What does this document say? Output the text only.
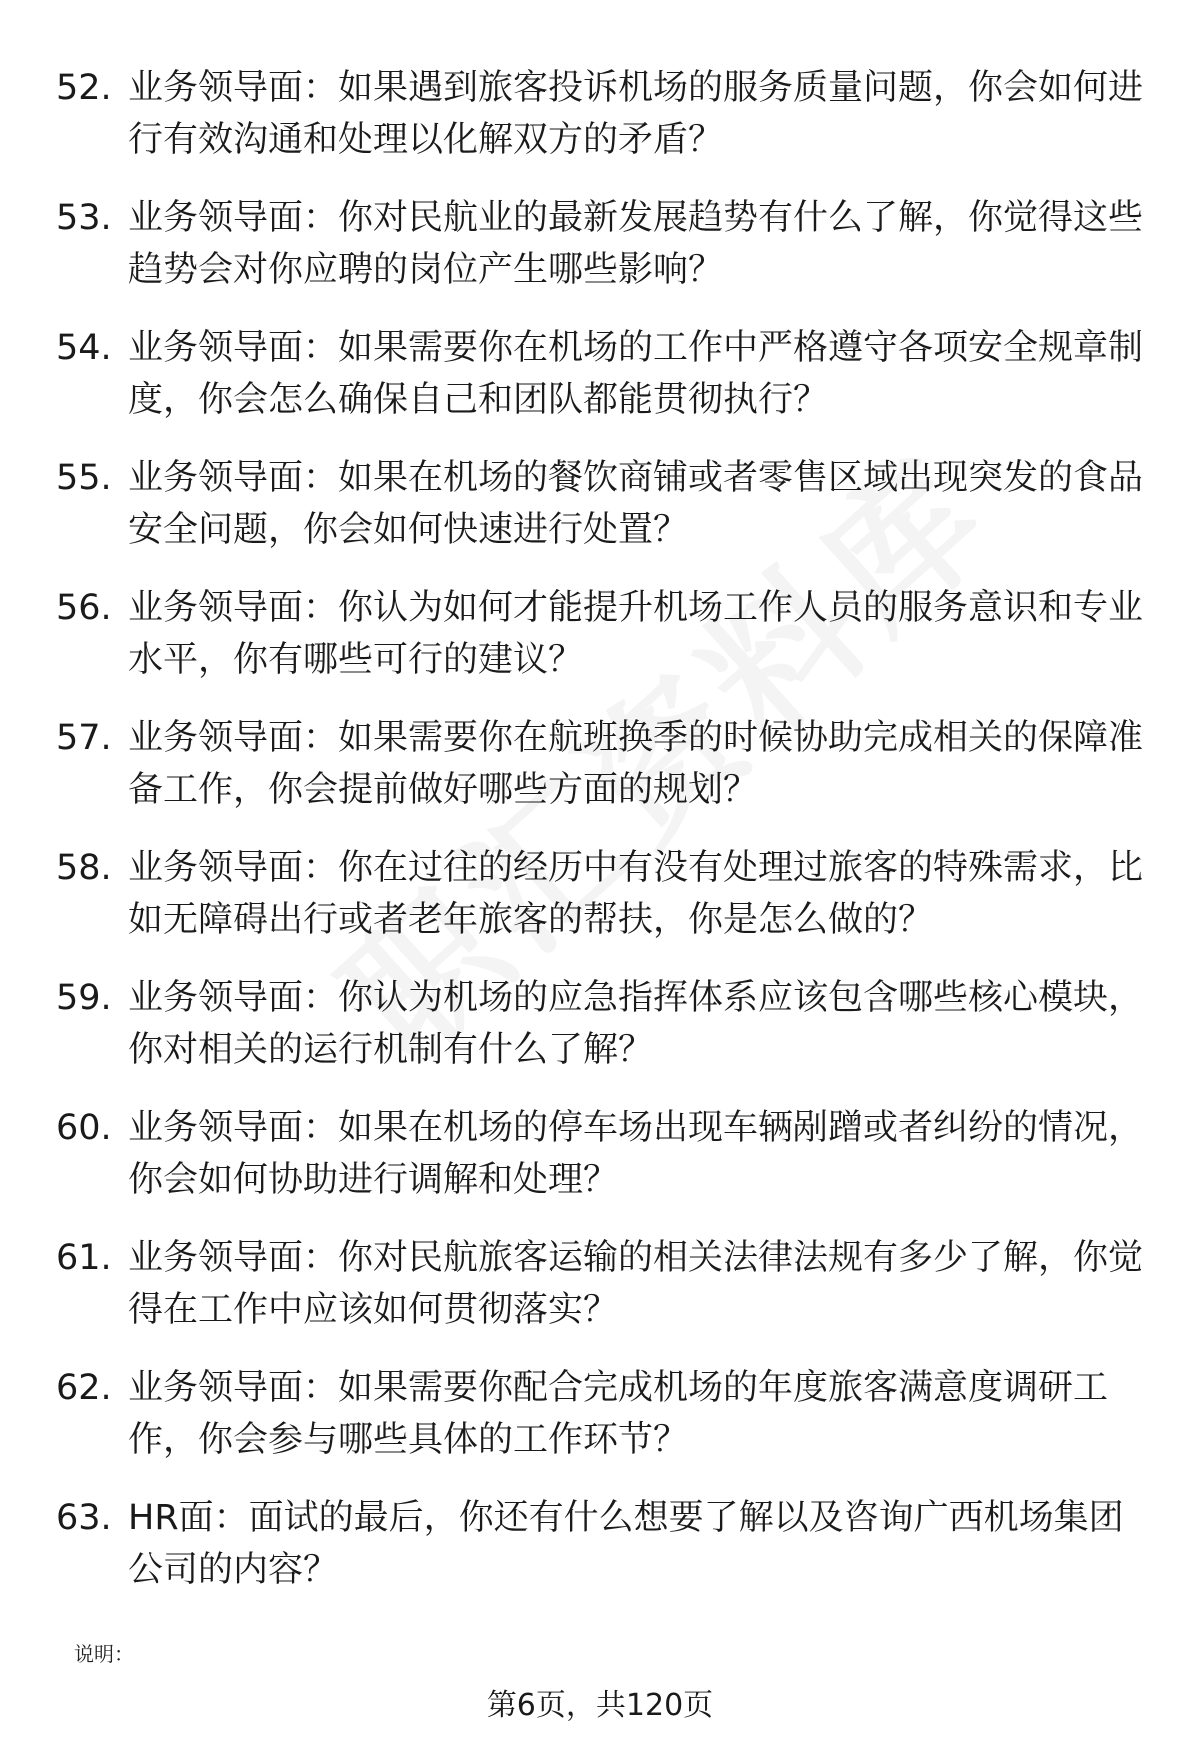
52. 业务领导面：如果遇到旅客投诉机场的服务质量问题，你会如何进行有效沟通和处理以化解双方的矛盾？
53. 业务领导面：你对民航业的最新发展趋势有什么了解，你觉得这些趋势会对你应聘的岗位产生哪些影响？
54. 业务领导面：如果需要你在机场的工作中严格遵守各项安全规章制度，你会怎么确保自己和团队都能贯彻执行？
55. 业务领导面：如果在机场的餐饮商铺或者零售区域出现突发的食品安全问题，你会如何快速进行处置？
56. 业务领导面：你认为如何才能提升机场工作人员的服务意识和专业水平，你有哪些可行的建议？
57. 业务领导面：如果需要你在航班换季的时候协助完成相关的保障准备工作，你会提前做好哪些方面的规划？
58. 业务领导面：你在过往的经历中有没有处理过旅客的特殊需求，比如无障碍出行或者老年旅客的帮扶，你是怎么做的？
59. 业务领导面：你认为机场的应急指挥体系应该包含哪些核心模块，你对相关的运行机制有什么了解？
60. 业务领导面：如果在机场的停车场出现车辆剐蹭或者纠纷的情况，你会如何协助进行调解和处理？
61. 业务领导面：你对民航旅客运输的相关法律法规有多少了解，你觉得在工作中应该如何贯彻落实？
62. 业务领导面：如果需要你配合完成机场的年度旅客满意度调研工作，你会参与哪些具体的工作环节？
63. HR面：面试的最后，你还有什么想要了解以及咨询广西机场集团公司的内容？
说明：
第6页，共120页
